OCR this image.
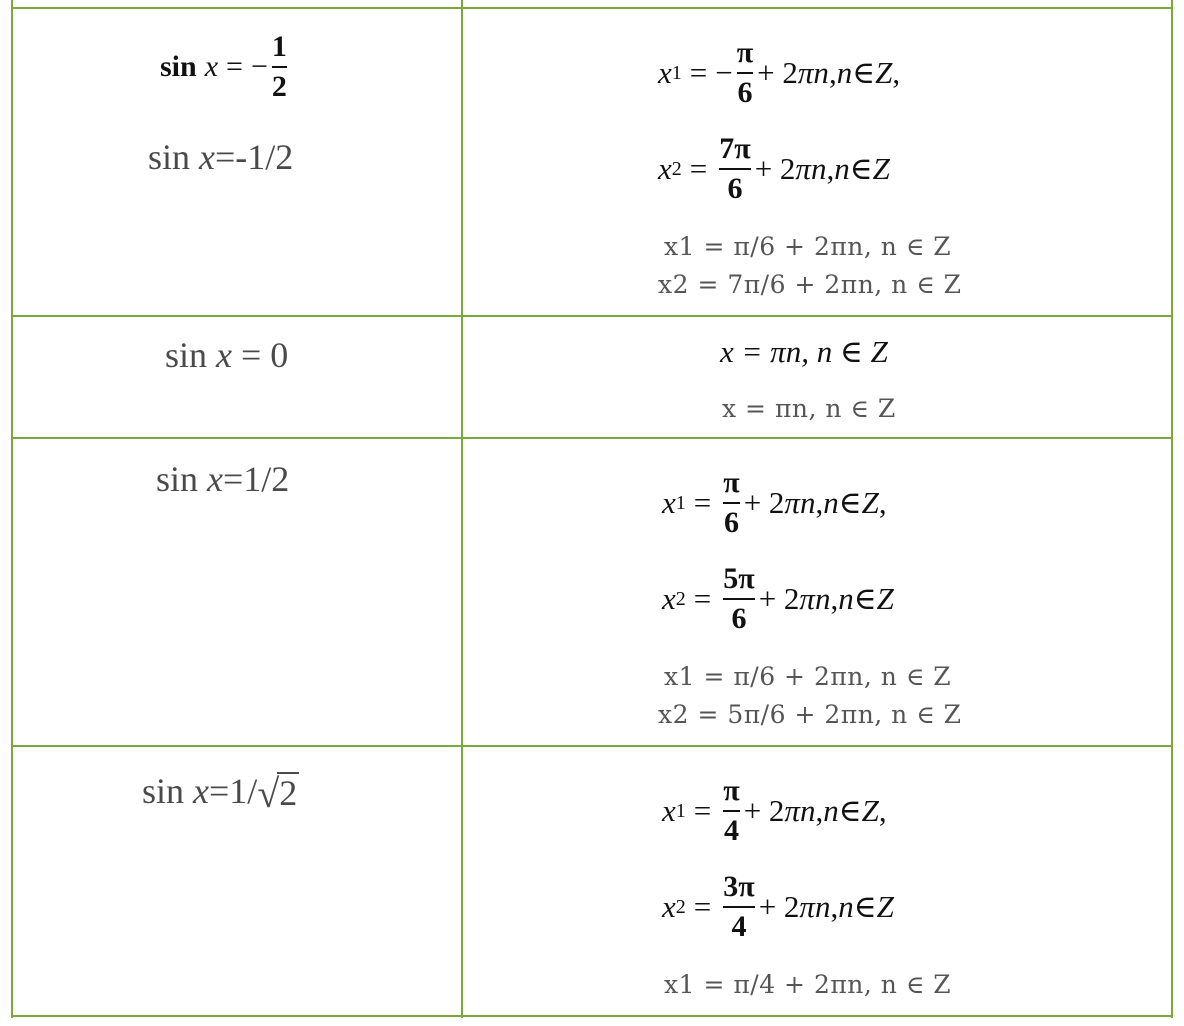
sin x = − $\frac{1}{2}$
sin x=-1/2
x 1 = − $\frac{\pi}{6} + 2$ πn , n ∈ Z ,
x $2 = \frac{7\pi}{6} + 2$ πn , n ∈ Z
x1 = π/6 + 2πn, n ∈ Z
x2 = 7π/6 + 2πn, n ∈ Z
sin x = 0	x = πn, n ∈ Z
x = πn, n ∈ Z
sin x=1/2
x $1 = \frac{\pi}{6} + 2$ πn , n ∈ Z ,
x $2 = \frac{5\pi}{6} + 2$ πn , n ∈ Z
x1 = π/6 + 2πn, n ∈ Z
x2 = 5π/6 + 2πn, n ∈ Z
sin
x =1/ √ 2	x $1 = \frac{\pi}{4} + 2$ πn , n ∈ Z ,
x $2 = \frac{3\pi}{4} + 2$ πn , n ∈ Z
x1 = π/4 + 2πn, n ∈ Z
